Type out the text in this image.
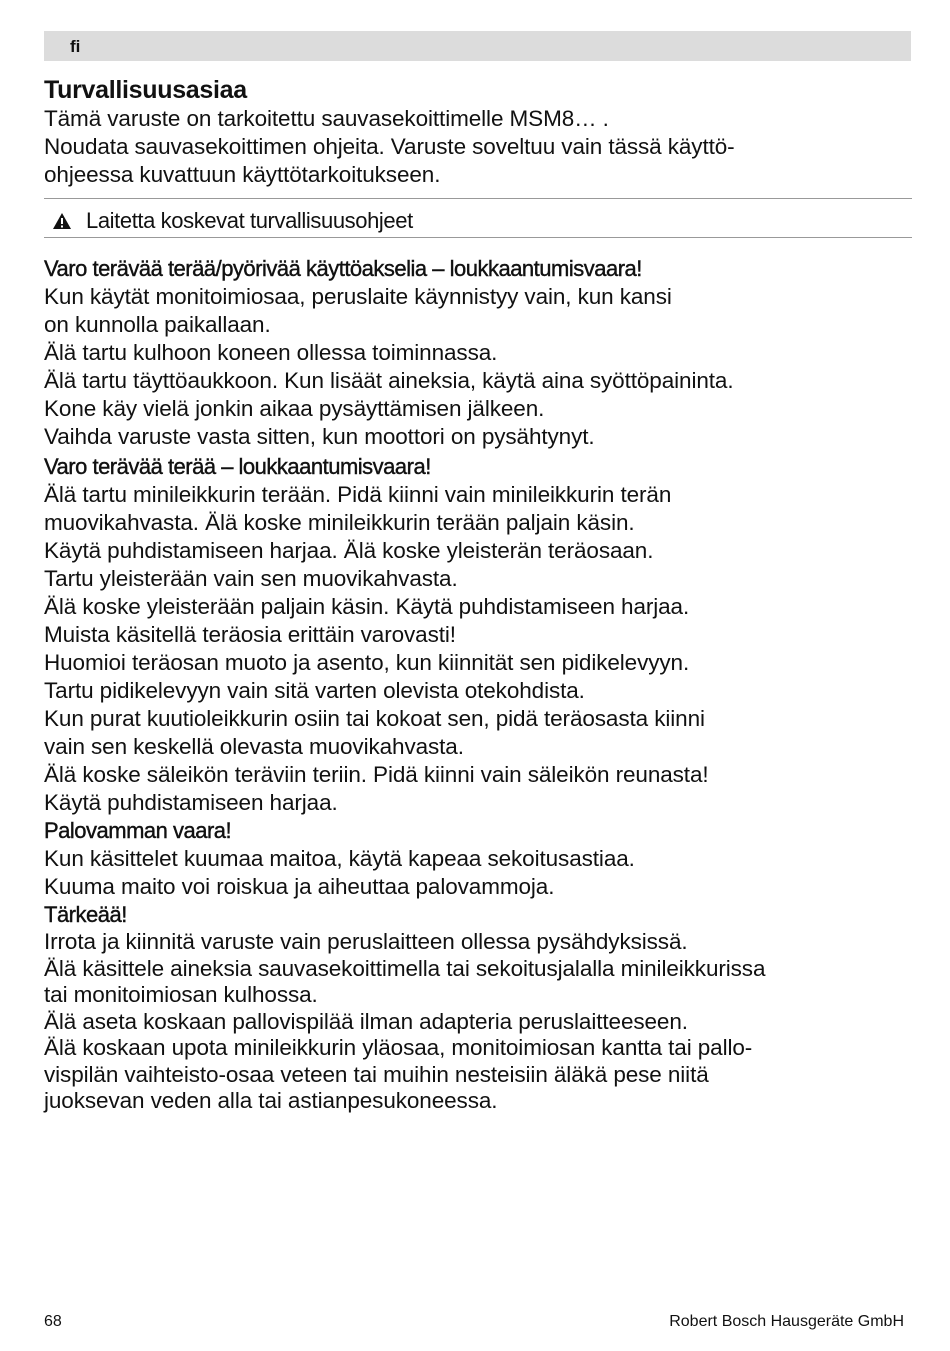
fi
Turvallisuusasiaa

Tämä varuste on tarkoitettu sauvasekoittimelle MSM8… .
Noudata sauvasekoittimen ohjeita. Varuste soveltuu vain tässä käyttö-
ohjeessa kuvattuun käyttötarkoitukseen.

Laitetta koskevat turvallisuusohjeet

Varo terävää terää/pyörivää käyttöakselia – loukkaantumisvaara!

Kun käytät monitoimiosaa, peruslaite käynnistyy vain, kun kansi
on kunnolla paikallaan.
Älä tartu kulhoon koneen ollessa toiminnassa.
Älä tartu täyttöaukkoon. Kun lisäät aineksia, käytä aina syöttöpaininta.
Kone käy vielä jonkin aikaa pysäyttämisen jälkeen.
Vaihda varuste vasta sitten, kun moottori on pysähtynyt.

Varo terävää terää – loukkaantumisvaara!

Älä tartu minileikkurin terään. Pidä kiinni vain minileikkurin terän
muovikahvasta. Älä koske minileikkurin terään paljain käsin.
Käytä puhdistamiseen harjaa. Älä koske yleisterän teräosaan.
Tartu yleisterään vain sen muovikahvasta.
Älä koske yleisterään paljain käsin. Käytä puhdistamiseen harjaa.
Muista käsitellä teräosia erittäin varovasti!
Huomioi teräosan muoto ja asento, kun kiinnität sen pidikelevyyn.
Tartu pidikelevyyn vain sitä varten olevista otekohdista.
Kun purat kuutioleikkurin osiin tai kokoat sen, pidä teräosasta kiinni
vain sen keskellä olevasta muovikahvasta.
Älä koske säleikön teräviin teriin. Pidä kiinni vain säleikön reunasta!
Käytä puhdistamiseen harjaa.

Palovamman vaara!

Kun käsittelet kuumaa maitoa, käytä kapeaa sekoitusastiaa.
Kuuma maito voi roiskua ja aiheuttaa palovammoja.

Tärkeää!

Irrota ja kiinnitä varuste vain peruslaitteen ollessa pysähdyksissä.
Älä käsittele aineksia sauvasekoittimella tai sekoitusjalalla minileikkurissa
tai monitoimiosan kulhossa.
Älä aseta koskaan pallovispilää ilman adapteria peruslaitteeseen.
Älä koskaan upota minileikkurin yläosaa, monitoimiosan kantta tai pallo-
vispilän vaihteisto-osaa veteen tai muihin nesteisiin äläkä pese niitä
juoksevan veden alla tai astianpesukoneessa.

68	Robert Bosch Hausgeräte GmbH
